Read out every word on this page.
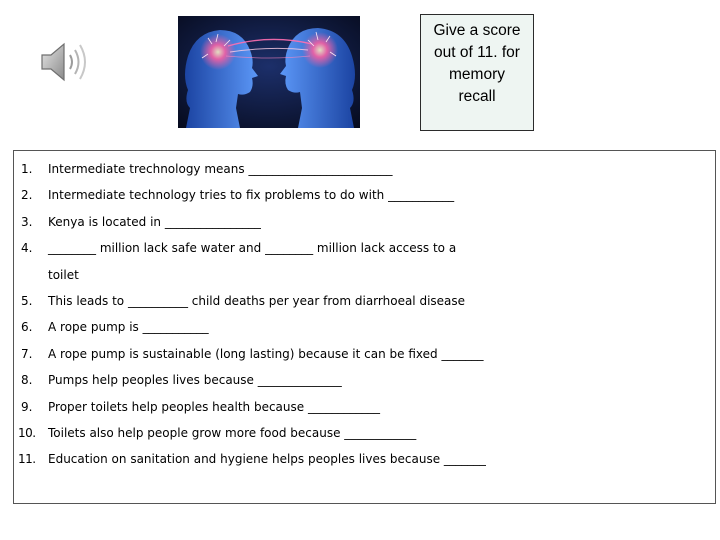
Give a score
out of 11. for
memory
recall
1.	Intermediate trechnology means ________________________
2.	Intermediate technology tries to fix problems to do with ___________
3.	Kenya is located in ________________
4.	________ million lack safe water and ________ million lack access to a
toilet
5.	This leads to __________ child deaths per year from diarrhoeal disease
6.	A rope pump is ___________
7.	A rope pump is sustainable (long lasting) because it can be fixed _______
8.	Pumps help peoples lives because ______________
9.	Proper toilets help peoples health because ____________
10.	Toilets also help people grow more food because ____________
11.	Education on sanitation and hygiene helps peoples lives because _______
